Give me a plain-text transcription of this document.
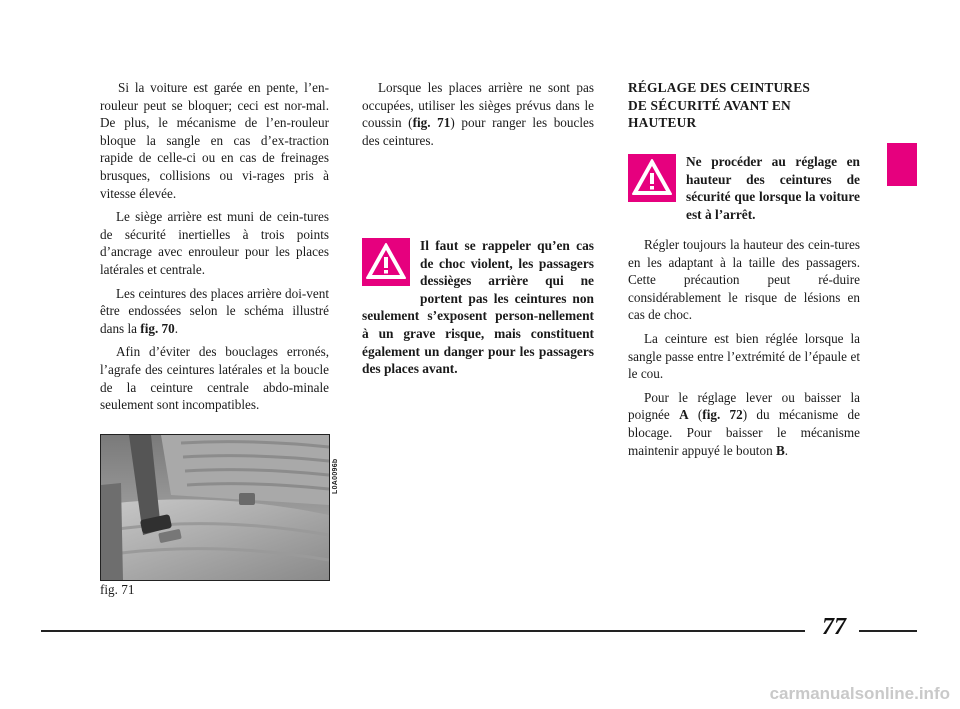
Si la voiture est garée en pente, l’en-rouleur peut se bloquer; ceci est nor-mal. De plus, le mécanisme de l’en-rouleur bloque la sangle en cas d’ex-traction rapide de celle-ci ou en cas de freinages brusques, collisions ou vi-rages pris à vitesse élevée.

Le siège arrière est muni de cein-tures de sécurité inertielles à trois points d’ancrage avec enrouleur pour les places latérales et centrale.

Les ceintures des places arrière doi-vent être endossées selon le schéma illustré dans la fig. 70.

Afin d’éviter des bouclages erronés, l’agrafe des ceintures latérales et la boucle de la ceinture centrale abdo-minale seulement sont incompatibles.

Lorsque les places arrière ne sont pas occupées, utiliser les sièges prévus dans le coussin (fig. 71) pour ranger les boucles des ceintures.

Il faut se rappeler qu’en cas de choc violent, les passagers dessièges arrière qui ne portent pas les ceintures non seulement s’exposent person-nellement à un grave risque, mais constituent également un danger pour les passagers des places avant.

RÉGLAGE DES CEINTURES DE SÉCURITÉ AVANT EN HAUTEUR

Ne procéder au réglage en hauteur des ceintures de sécurité que lorsque la voiture est à l’arrêt.

Régler toujours la hauteur des cein-tures en les adaptant à la taille des passagers. Cette précaution peut ré-duire considérablement le risque de lésions en cas de choc.

La ceinture est bien réglée lorsque la sangle passe entre l’extrémité de l’épaule et le cou.

Pour le réglage lever ou baisser la poignée A (fig. 72) du mécanisme de blocage. Pour baisser le mécanisme maintenir appuyé le bouton B.

L0A0096b
fig. 71
77
carmanualsonline.info
